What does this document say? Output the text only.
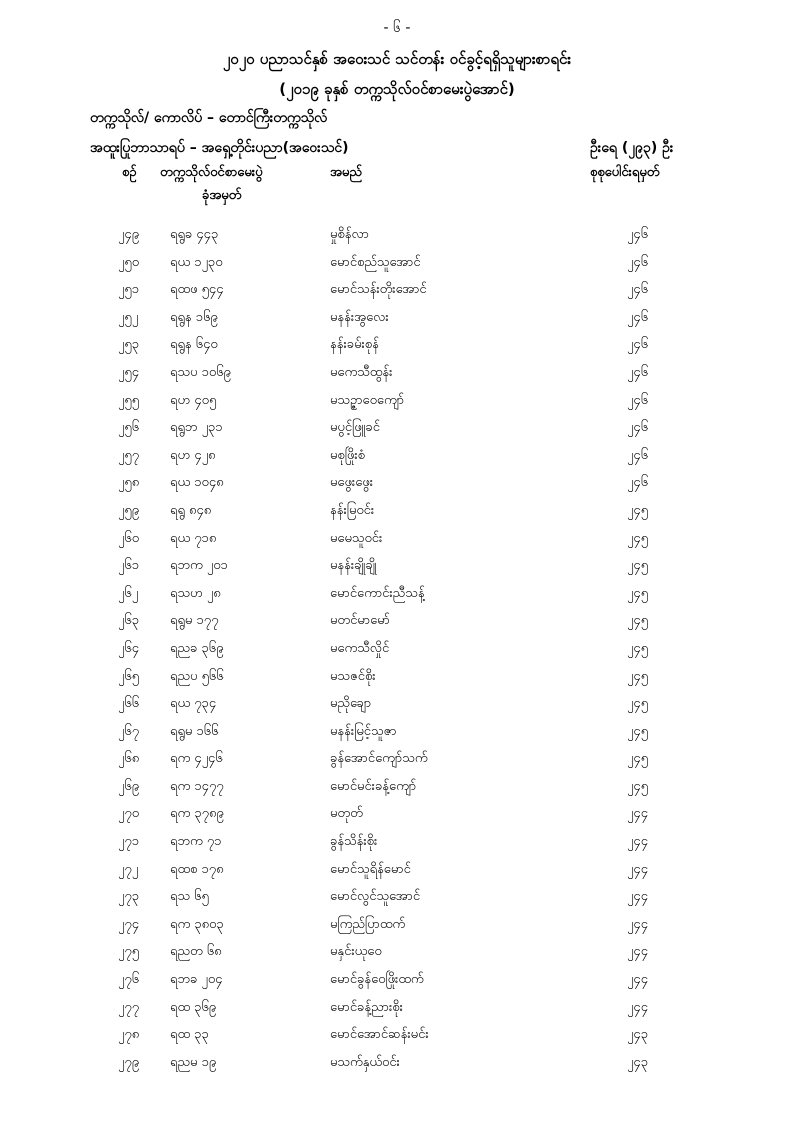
- ၆ -
၂၀၂၀ ပညာသင်နှစ် အဝေးသင် သင်တန်း ဝင်ခွင့်ရရှိသူများစာရင်း
(၂၀၁၉ ခုနှစ် တက္ကသိုလ်ဝင်စာမေးပွဲအောင်)
တက္ကသိုလ်/ ကောလိပ် – တောင်ကြီးတက္ကသိုလ်
အထူးပြုဘာသာရပ် – အရှေ့တိုင်းပညာ(အဝေးသင်)	ဦးရေ (၂၉၃) ဦး
စဉ် တက္ကသိုလ်ဝင်စာမေးပွဲ
ခုံအမှတ်
အမည်	စုစုပေါင်းရမှတ်
၂၄၉ ရရွခ ၄၄၃	မှုစိန်လာ	၂၄၆
၂၅၀ ရယ ၁၂၃၀	မောင်စည်သူအောင်	၂၄၆
၂၅၁ ရထဖ ၅၄၄	မောင်သန်းတိုးအောင်	၂၄၆
၂၅၂ ရရွန ၁၆၉	မနန်းအွလေး	၂၄၆
၂၅၃ ရရွန ၆၄၀	နန်းခမ်းစုန်	၂၄၆
၂၅၄ ရသပ ၁၀၆၉	မကေသီထွန်း	၂၄၆
၂၅၅ ရဟ ၄၀၅	မသဥ္ဇာဝေကျော်	၂၄၆
၂၅၆ ရရွဘ ၂၃၁	မပွင့်ဖြူခင်	၂၄၆
၂၅၇ ရဟ ၄၂၈	မစုဖြိုးစံ	၂၄၆
၂၅၈ ရယ ၁၀၄၈	မဖွေးဖွေး	၂၄၆
၂၅၉ ရရွ ၈၄၈	နန်းမြဝင်း	၂၄၅
၂၆၀ ရယ ၇၁၈	မမေသူဝင်း	၂၄၅
၂၆၁ ရဘက ၂၀၁	မနန်းချိုချို	၂၄၅
၂၆၂ ရသဟ ၂၈	မောင်ကောင်းညီသန့်	၂၄၅
၂၆၃ ရရွမ ၁၇၇	မတင်မာမော်	၂၄၅
၂၆၄ ရညခ ၃၆၉	မကေသီလှိုင်	၂၄၅
၂၆၅ ရညပ ၅၆၆	မသဇင်စိုး	၂၄၅
၂၆၆ ရယ ၇၃၄	မညိုချော	၂၄၅
၂၆၇ ရရွမ ၁၆၆	မနန်းမြင့်သူဇာ	၂၄၅
၂၆၈ ရက ၄၂၄၆	ခွန်အောင်ကျော်သက်	၂၄၅
၂၆၉ ရက ၁၄၇၇	မောင်မင်းခန့်ကျော်	၂၄၅
၂၇၀ ရက ၃၇၈၉	မတုတ်	၂၄၄
၂၇၁ ရဘက ၇၁	ခွန်သိန်းစိုး	၂၄၄
၂၇၂ ရထစ ၁၇၈	မောင်သူရိန်မောင်	၂၄၄
၂၇၃ ရသ ၆၅	မောင်လွင်သူအောင်	၂၄၄
၂၇၄ ရက ၃၈၀၃	မကြည်ပြာထက်	၂၄၄
၂၇၅ ရညတ ၆၈	မနှင်းယုဝေ	၂၄၄
၂၇၆ ရဘခ ၂၀၄	မောင်ခွန်ဝေဖြိုးထက်	၂၄၄
၂၇၇ ရထ ၃၆၉	မောင်ခန့်ညားစိုး	၂၄၄
၂၇၈ ရထ ၃၃	မောင်အောင်ဆန်းမင်း	၂၄၃
၂၇၉ ရညမ ၁၉	မသက်နှယ်ဝင်း	၂၄၃
